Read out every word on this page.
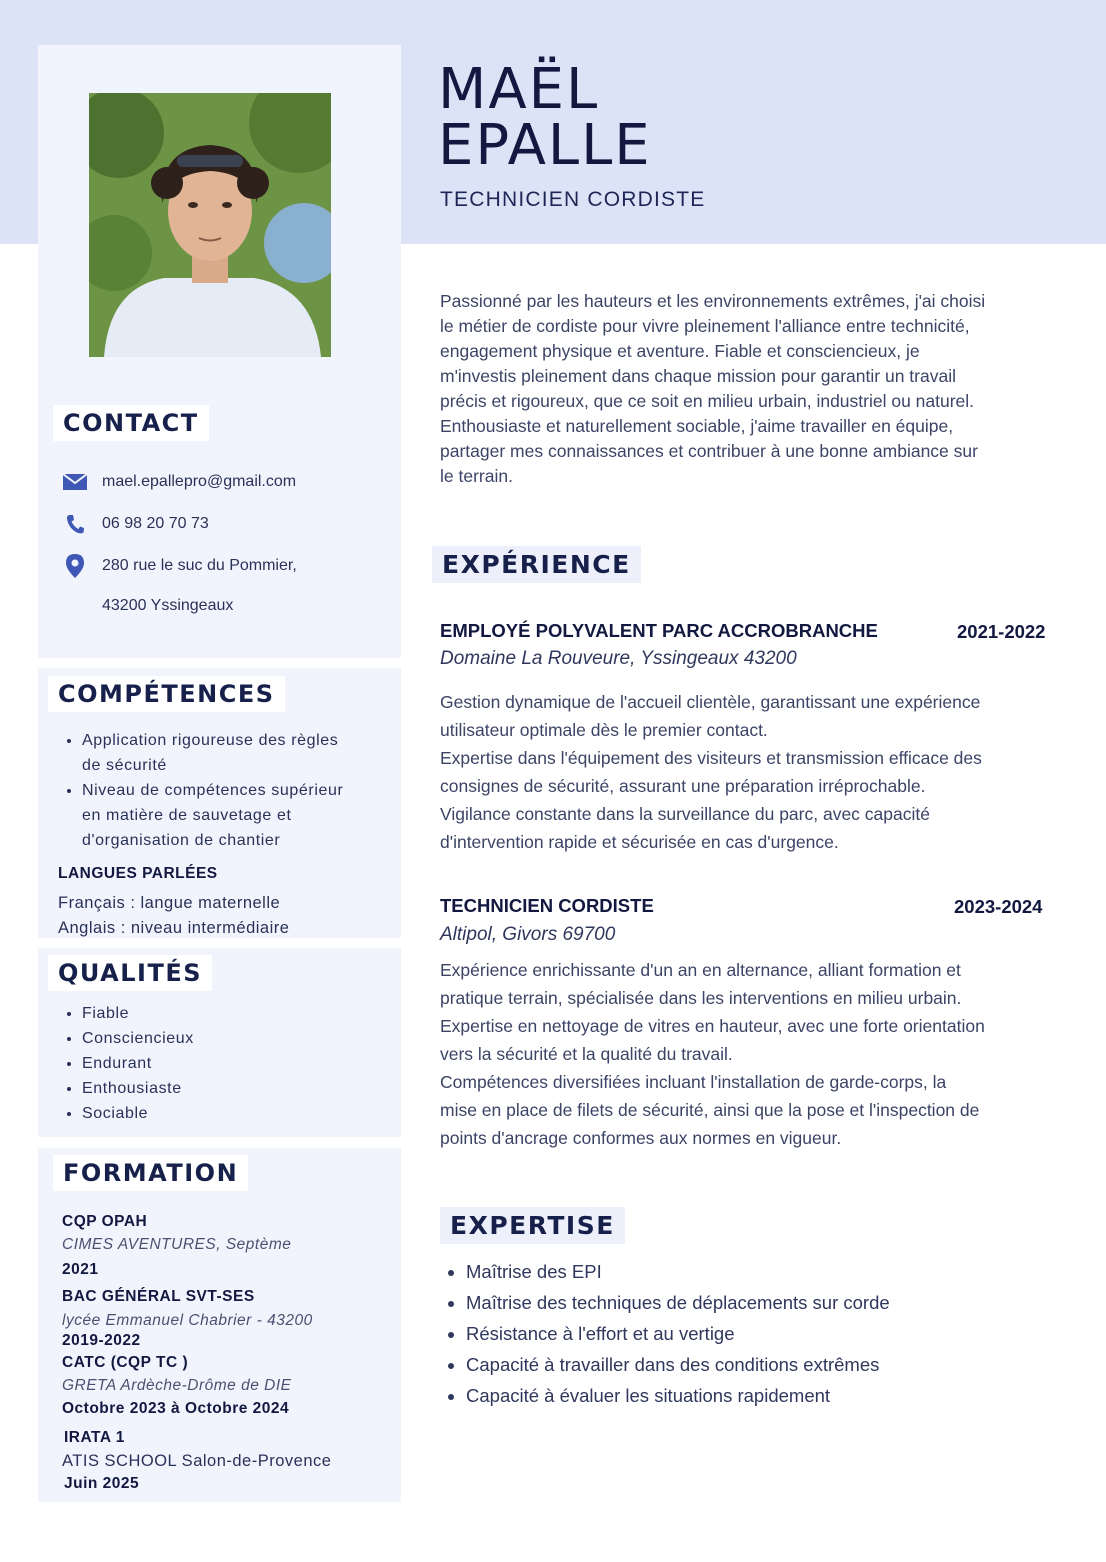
MAËL
EPALLE
TECHNICIEN CORDISTE
Passionné par les hauteurs et les environnements extrêmes, j'ai choisi
le métier de cordiste pour vivre pleinement l'alliance entre technicité,
engagement physique et aventure. Fiable et consciencieux, je
m'investis pleinement dans chaque mission pour garantir un travail
précis et rigoureux, que ce soit en milieu urbain, industriel ou naturel.
Enthousiaste et naturellement sociable, j'aime travailler en équipe,
partager mes connaissances et contribuer à une bonne ambiance sur
le terrain.
CONTACT
mael.epallepro@gmail.com
06 98 20 70 73
280 rue le suc du Pommier,
43200 Yssingeaux
COMPÉTENCES
• Application rigoureuse des règles
de sécurité
• Niveau de compétences supérieur
en matière de sauvetage et
d'organisation de chantier
LANGUES PARLÉES
Français : langue maternelle
Anglais : niveau intermédiaire
QUALITÉS
• Fiable
• Consciencieux
• Endurant
• Enthousiaste
• Sociable
FORMATION
CQP OPAH
CIMES AVENTURES, Septème
2021
BAC GÉNÉRAL SVT-SES
lycée Emmanuel Chabrier - 43200
2019-2022
CATC (CQP TC )
GRETA Ardèche-Drôme de DIE
Octobre 2023 à Octobre 2024
IRATA 1
ATIS SCHOOL Salon-de-Provence
Juin 2025
EXPÉRIENCE
EMPLOYÉ POLYVALENT PARC ACCROBRANCHE	2021-2022
Domaine La Rouveure, Yssingeaux 43200
Gestion dynamique de l'accueil clientèle, garantissant une expérience
utilisateur optimale dès le premier contact.
Expertise dans l'équipement des visiteurs et transmission efficace des
consignes de sécurité, assurant une préparation irréprochable.
Vigilance constante dans la surveillance du parc, avec capacité
d'intervention rapide et sécurisée en cas d'urgence.
TECHNICIEN CORDISTE	2023-2024
Altipol, Givors 69700
Expérience enrichissante d'un an en alternance, alliant formation et
pratique terrain, spécialisée dans les interventions en milieu urbain.
Expertise en nettoyage de vitres en hauteur, avec une forte orientation
vers la sécurité et la qualité du travail.
Compétences diversifiées incluant l'installation de garde-corps, la
mise en place de filets de sécurité, ainsi que la pose et l'inspection de
points d'ancrage conformes aux normes en vigueur.
EXPERTISE
• Maîtrise des EPI
• Maîtrise des techniques de déplacements sur corde
• Résistance à l'effort et au vertige
• Capacité à travailler dans des conditions extrêmes
• Capacité à évaluer les situations rapidement
